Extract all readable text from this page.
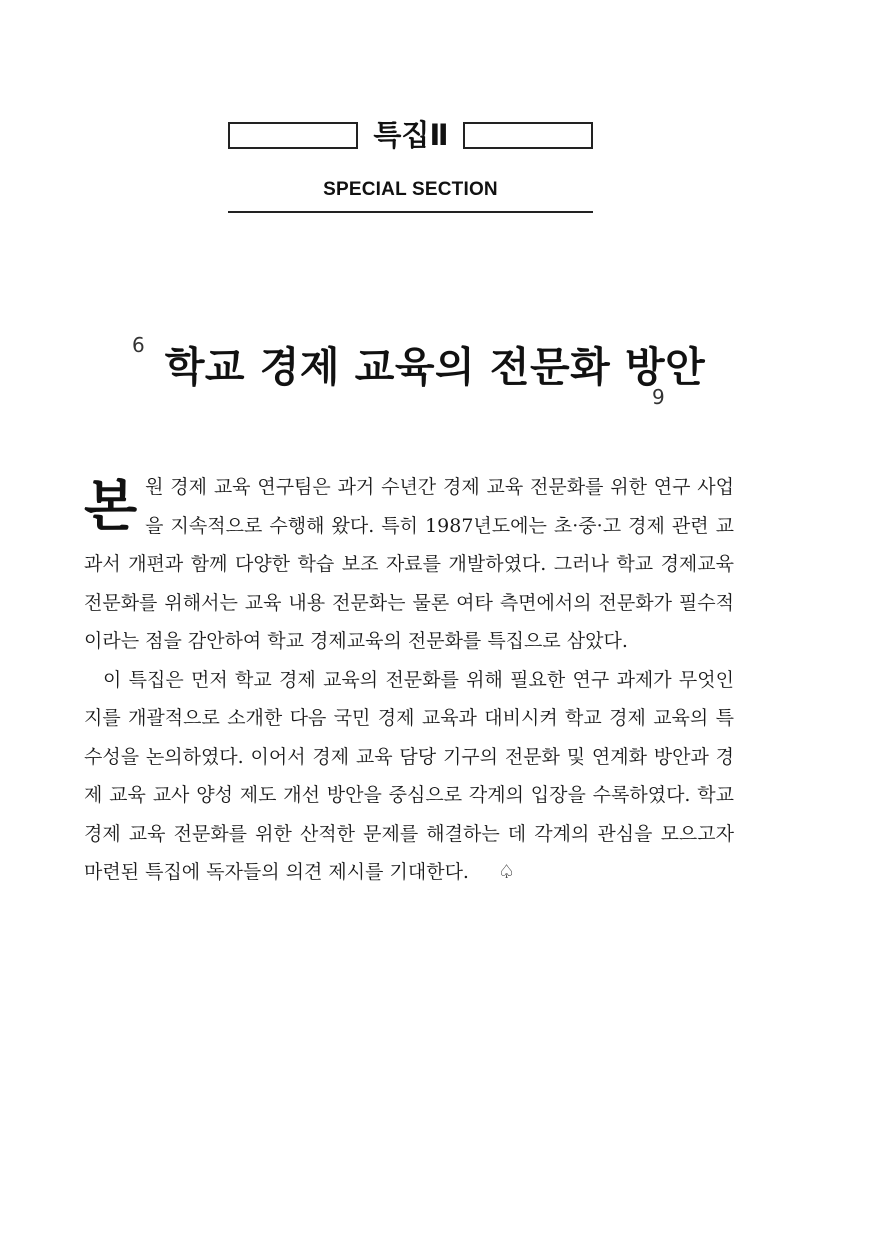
특집Ⅱ
SPECIAL SECTION
6 학교 경제 교육의 전문화 방안
9

본 원 경제 교육 연구팀은 과거 수년간 경제 교육 전문화를 위한 연구 사업을 지속적으로 수행해 왔다. 특히 1987년도에는 초·중·고 경제 관련 교과서 개편과 함께 다양한 학습 보조 자료를 개발하였다. 그러나 학교 경제교육 전문화를 위해서는 교육 내용 전문화는 물론 여타 측면에서의 전문화가 필수적이라는 점을 감안하여 학교 경제교육의 전문화를 특집으로 삼았다.

이 특집은 먼저 학교 경제 교육의 전문화를 위해 필요한 연구 과제가 무엇인지를 개괄적으로 소개한 다음 국민 경제 교육과 대비시켜 학교 경제 교육의 특수성을 논의하였다. 이어서 경제 교육 담당 기구의 전문화 및 연계화 방안과 경제 교육 교사 양성 제도 개선 방안을 중심으로 각계의 입장을 수록하였다. 학교 경제 교육 전문화를 위한 산적한 문제를 해결하는 데 각계의 관심을 모으고자 마련된 특집에 독자들의 의견 제시를 기대한다. ♤
